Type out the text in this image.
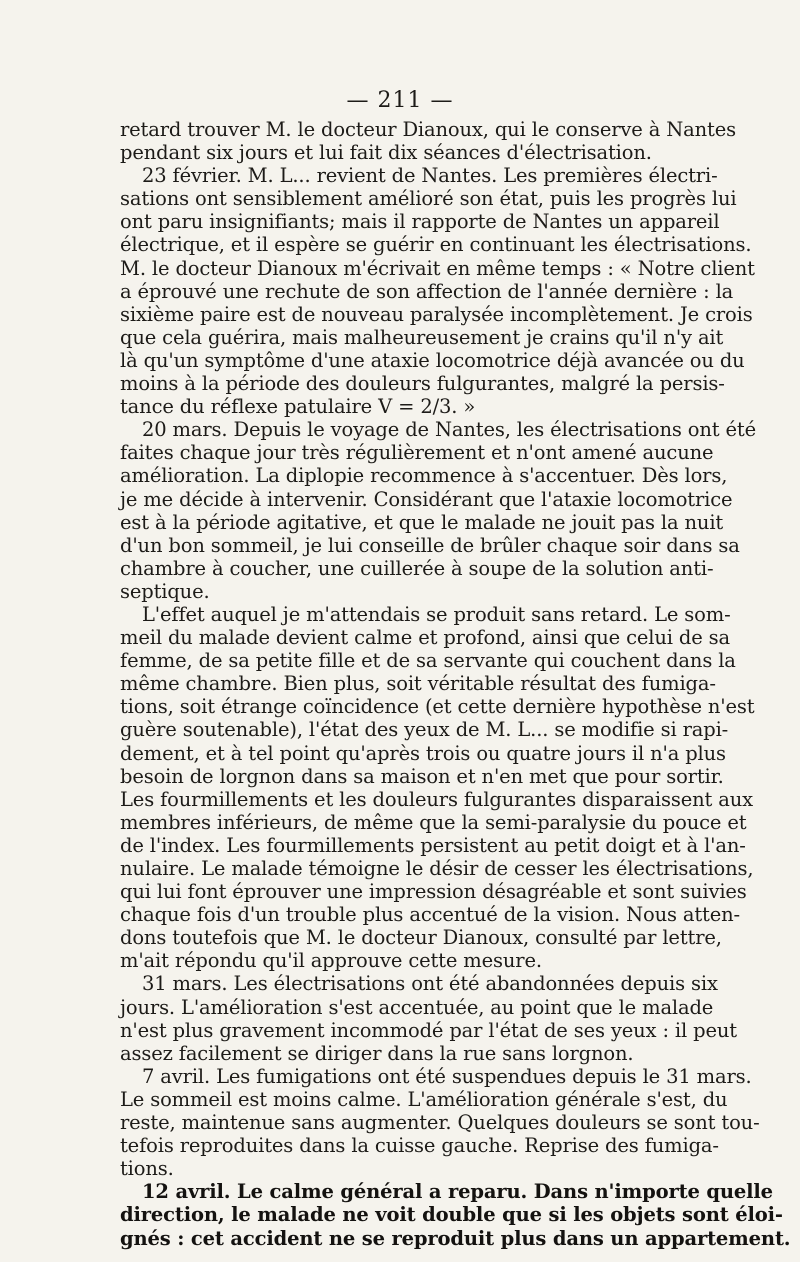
— 211 —
retard trouver M. le docteur Dianoux, qui le conserve à Nantes
pendant six jours et lui fait dix séances d'électrisation.
23 février. M. L... revient de Nantes. Les premières électri-
sations ont sensiblement amélioré son état, puis les progrès lui
ont paru insignifiants; mais il rapporte de Nantes un appareil
électrique, et il espère se guérir en continuant les électrisations.
M. le docteur Dianoux m'écrivait en même temps : « Notre client
a éprouvé une rechute de son affection de l'année dernière : la
sixième paire est de nouveau paralysée incomplètement. Je crois
que cela guérira, mais malheureusement je crains qu'il n'y ait
là qu'un symptôme d'une ataxie locomotrice déjà avancée ou du
moins à la période des douleurs fulgurantes, malgré la persis-
tance du réflexe patulaire V = 2/3. »
20 mars. Depuis le voyage de Nantes, les électrisations ont été
faites chaque jour très régulièrement et n'ont amené aucune
amélioration. La diplopie recommence à s'accentuer. Dès lors,
je me décide à intervenir. Considérant que l'ataxie locomotrice
est à la période agitative, et que le malade ne jouit pas la nuit
d'un bon sommeil, je lui conseille de brûler chaque soir dans sa
chambre à coucher, une cuillerée à soupe de la solution anti-
septique.
L'effet auquel je m'attendais se produit sans retard. Le som-
meil du malade devient calme et profond, ainsi que celui de sa
femme, de sa petite fille et de sa servante qui couchent dans la
même chambre. Bien plus, soit véritable résultat des fumiga-
tions, soit étrange coïncidence (et cette dernière hypothèse n'est
guère soutenable), l'état des yeux de M. L... se modifie si rapi-
dement, et à tel point qu'après trois ou quatre jours il n'a plus
besoin de lorgnon dans sa maison et n'en met que pour sortir.
Les fourmillements et les douleurs fulgurantes disparaissent aux
membres inférieurs, de même que la semi-paralysie du pouce et
de l'index. Les fourmillements persistent au petit doigt et à l'an-
nulaire. Le malade témoigne le désir de cesser les électrisations,
qui lui font éprouver une impression désagréable et sont suivies
chaque fois d'un trouble plus accentué de la vision. Nous atten-
dons toutefois que M. le docteur Dianoux, consulté par lettre,
m'ait répondu qu'il approuve cette mesure.
31 mars. Les électrisations ont été abandonnées depuis six
jours. L'amélioration s'est accentuée, au point que le malade
n'est plus gravement incommodé par l'état de ses yeux : il peut
assez facilement se diriger dans la rue sans lorgnon.
7 avril. Les fumigations ont été suspendues depuis le 31 mars.
Le sommeil est moins calme. L'amélioration générale s'est, du
reste, maintenue sans augmenter. Quelques douleurs se sont tou-
tefois reproduites dans la cuisse gauche. Reprise des fumiga-
tions.
12 avril. Le calme général a reparu. Dans n'importe quelle
direction, le malade ne voit double que si les objets sont éloi-
gnés : cet accident ne se reproduit plus dans un appartement.
